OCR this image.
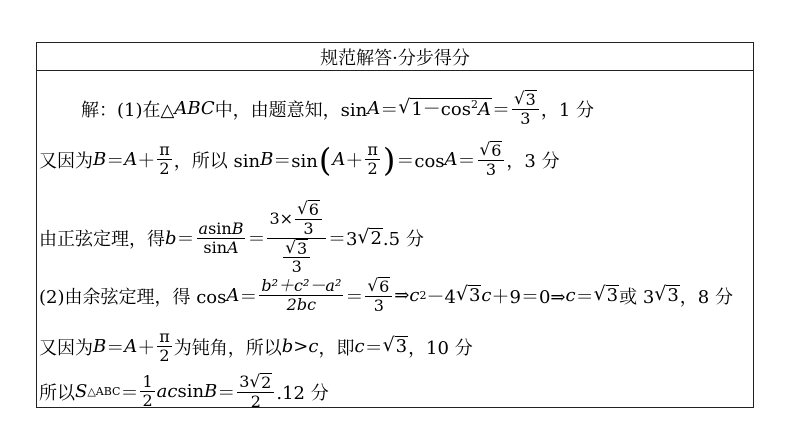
规范解答·分步得分
解：(1)在△ ABC 中，由题意知，sin A ＝ √ $1-\cos^2A = \frac{√ 3}{3}$ ，1 分
又因为 $B = A + \frac{\pi}{2}$ ，所以 sin B ＝sin ( $A + \frac{\pi}{2}$ ) ＝cos $A = \frac{√ 6}{3}$ ，3 分
由正弦定理，得 $b = \frac{asinB}{\sin A} = \frac{3 \times \frac{√ 6}{3}}{\frac{√ 3}{3}} =3$ √ 2 .5 分
(2)由余弦定理，得 $\cos A = \frac{\text{b²＋c²－a²}}{2bc} = \frac{√ 6}{3}$ ⇒ c 2 －4 √ 3 c ＋9＝0⇒ c ＝ √ 3 或 3 √ 3 ，8 分
又因为 $B = A + \frac{\pi}{2}$ 为钝角，所以 b > c ，即 c ＝ √ 3 ，10 分
所以 S △ABC ＝ $\frac{1}{2}$ ac $\sin B = \frac{3 √ 2}{2} .12$ 分
